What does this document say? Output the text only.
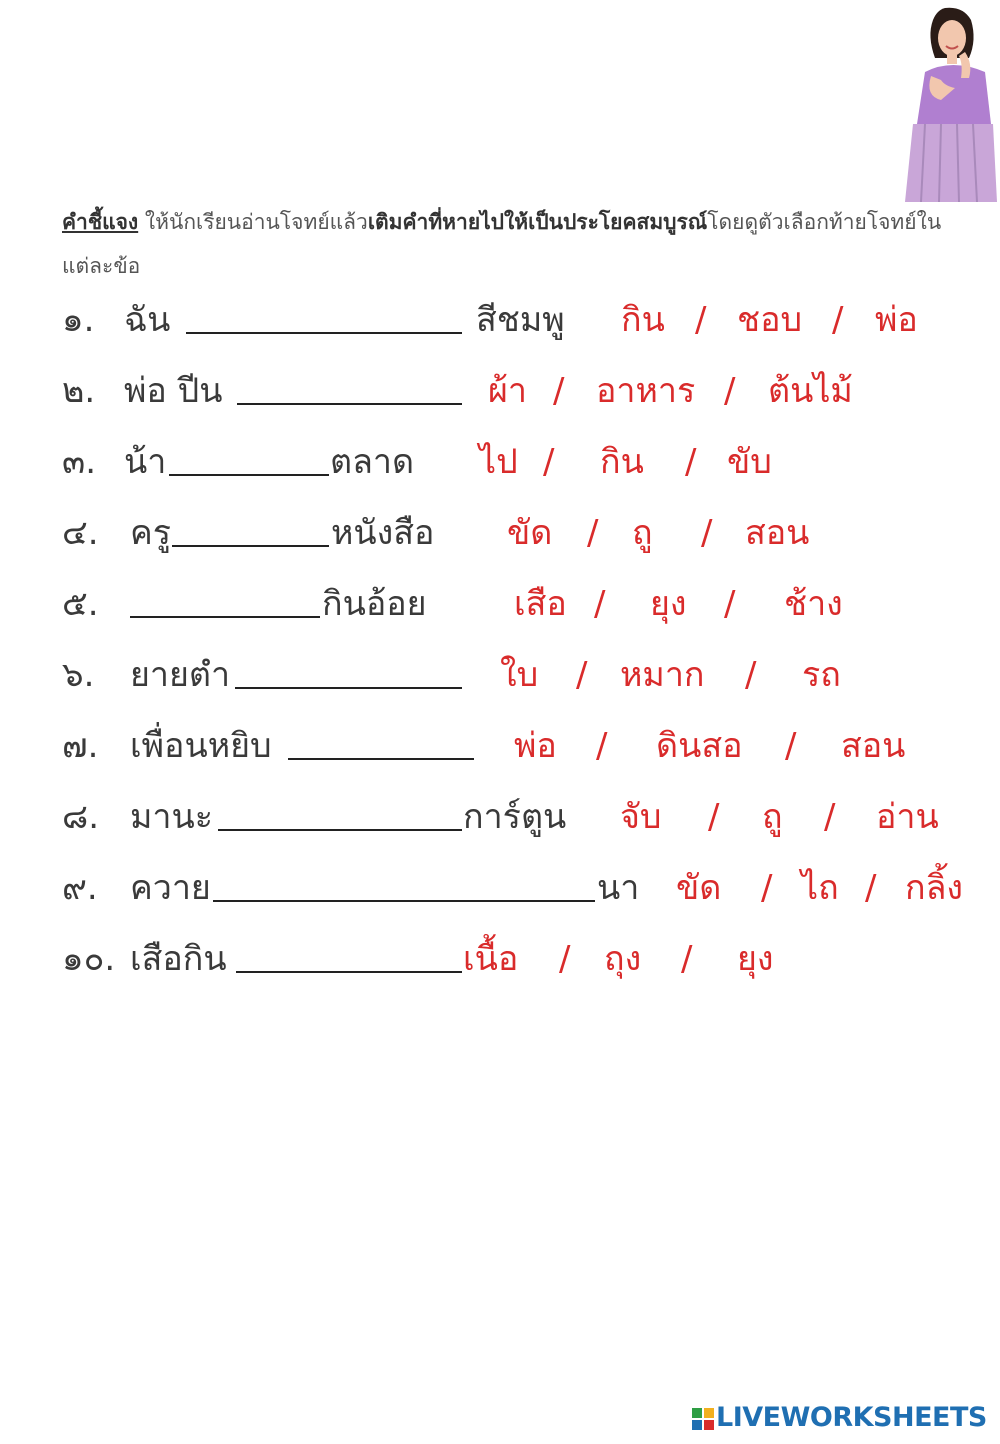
คำชี้แจง ให้นักเรียนอ่านโจทย์แล้วเติมคำที่หายไปให้เป็นประโยคสมบูรณ์โดยดูตัวเลือกท้ายโจทย์ในแต่ละข้อ
๑. ฉัน	สีชมพู กิน / ชอบ / พ่อ
๒. พ่อ ปีน	ผ้า / อาหาร / ต้นไม้
๓. น้า	ตลาด ไป / กิน / ขับ
๔. ครู	หนังสือ ขัด / ถู / สอน
๕.	กินอ้อย	เสือ / ยุง / ช้าง
๖. ยายตำ	ใบ / หมาก / รถ
๗. เพื่อนหยิบ	พ่อ / ดินสอ / สอน
๘. มานะ	การ์ตูน จับ / ถู / อ่าน
๙. ควาย	นา ขัด / ไถ / กลิ้ง
๑๐. เสือกิน	เนื้อ / ถุง / ยุง
LIVEWORKSHEETS
